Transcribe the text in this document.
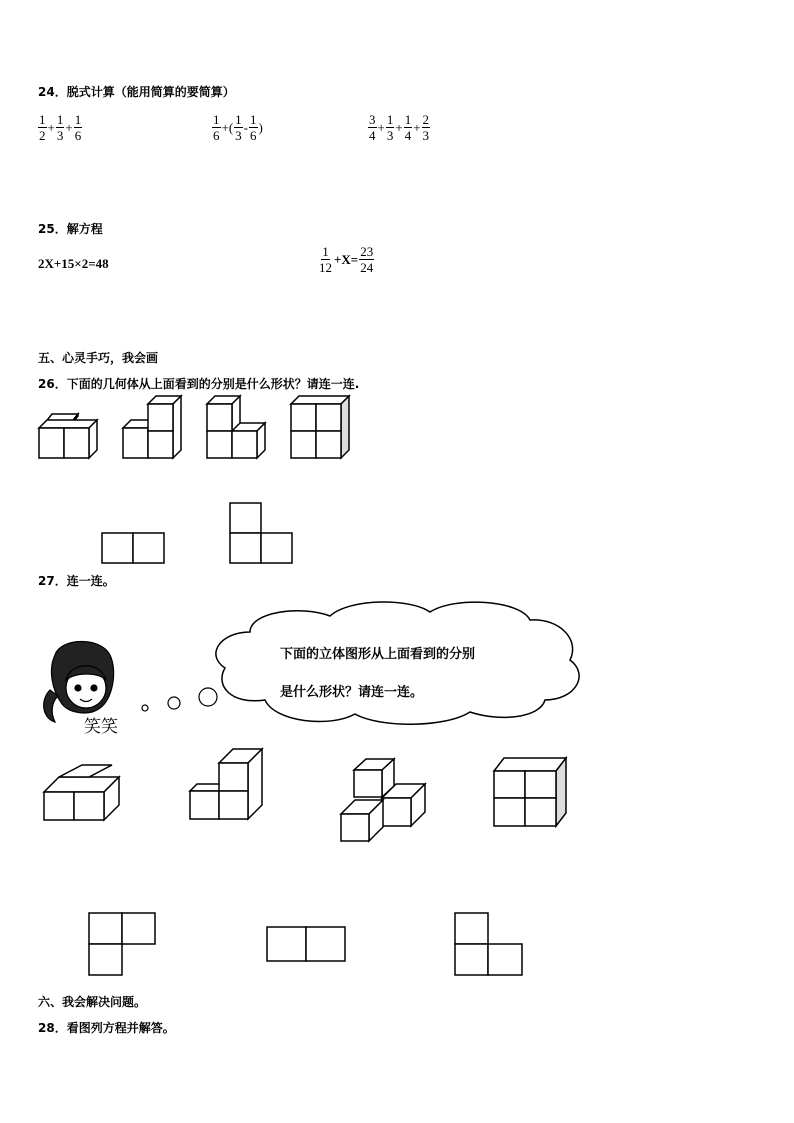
24．脱式计算（能用简算的要简算）
$\frac{1}{2} + \frac{1}{3} + \frac{1}{6}$	$\frac{1}{6}$ +( $\frac{1}{3} - \frac{1}{6}$ )	$\frac{3}{4} + \frac{1}{3} + \frac{1}{4} + \frac{2}{3}$
25．解方程
2X+15×2=48	$\frac{1}{12} +X= \frac{23}{24}$
五、心灵手巧，我会画
26．下面的几何体从上面看到的分别是什么形状？请连一连.
27．连一连。
下面的立体图形从上面看到的分别
是什么形状？请连一连。
笑笑
六、我会解决问题。
28．看图列方程并解答。
